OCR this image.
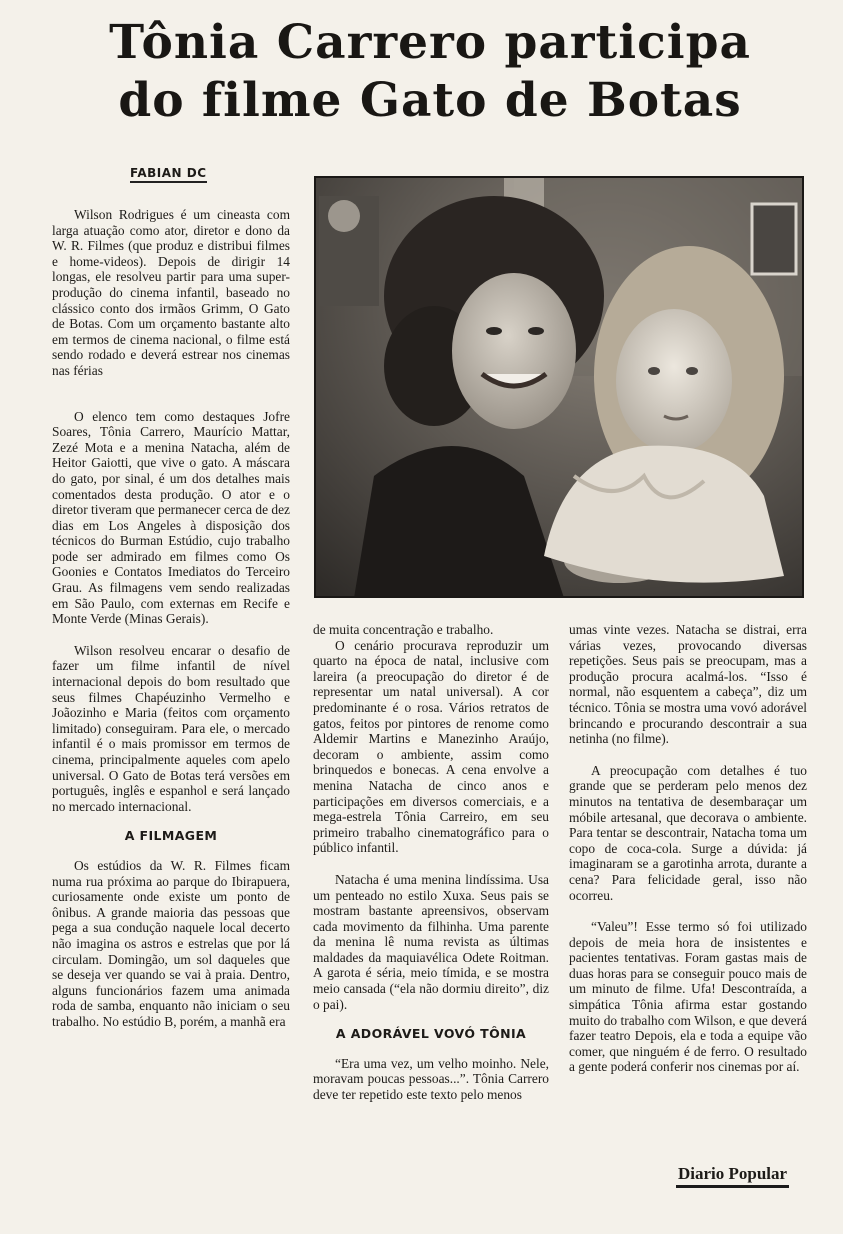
Tônia Carrero participa
do filme Gato de Botas
FABIAN DC

Wilson Rodrigues é um cineasta com larga atuação como ator, diretor e dono da W. R. Filmes (que produz e distribui filmes e home-videos). Depois de dirigir 14 longas, ele resolveu partir para uma super-produção do cinema infantil, baseado no clássico conto dos irmãos Grimm, O Gato de Botas. Com um orçamento bastante alto em termos de cinema nacional, o filme está sendo rodado e deverá estrear nos cinemas nas férias

O elenco tem como destaques Jofre Soares, Tônia Carrero, Maurício Mattar, Zezé Mota e a menina Natacha, além de Heitor Gaiotti, que vive o gato. A máscara do gato, por sinal, é um dos detalhes mais comentados desta produção. O ator e o diretor tiveram que permanecer cerca de dez dias em Los Angeles à disposição dos técnicos do Burman Estúdio, cujo trabalho pode ser admirado em filmes como Os Goonies e Contatos Imediatos do Terceiro Grau. As filmagens vem sendo realizadas em São Paulo, com externas em Recife e Monte Verde (Minas Gerais).

Wilson resolveu encarar o desafio de fazer um filme infantil de nível internacional depois do bom resultado que seus filmes Chapéuzinho Vermelho e Joãozinho e Maria (feitos com orçamento limitado) conseguiram. Para ele, o mercado infantil é o mais promissor em termos de cinema, principalmente aqueles com apelo universal. O Gato de Botas terá versões em português, inglês e espanhol e será lançado no mercado internacional.

A FILMAGEM

Os estúdios da W. R. Filmes ficam numa rua próxima ao parque do Ibirapuera, curiosamente onde existe um ponto de ônibus. A grande maioria das pessoas que pega a sua condução naquele local decerto não imagina os astros e estrelas que por lá circulam. Domingão, um sol daqueles que se deseja ver quando se vai à praia. Dentro, alguns funcionários fazem uma animada roda de samba, enquanto não iniciam o seu trabalho. No estúdio B, porém, a manhã era

de muita concentração e trabalho.

O cenário procurava reproduzir um quarto na época de natal, inclusive com lareira (a preocupação do diretor é de representar um natal universal). A cor predominante é o rosa. Vários retratos de gatos, feitos por pintores de renome como Aldemir Martins e Manezinho Araújo, decoram o ambiente, assim como brinquedos e bonecas. A cena envolve a menina Natacha de cinco anos e participações em diversos comerciais, e a mega-estrela Tônia Carreiro, em seu primeiro trabalho cinematográfico para o público infantil.

Natacha é uma menina lindíssima. Usa um penteado no estilo Xuxa. Seus pais se mostram bastante apreensivos, observam cada movimento da filhinha. Uma parente da menina lê numa revista as últimas maldades da maquiavélica Odete Roitman. A garota é séria, meio tímida, e se mostra meio cansada (“ela não dormiu direito”, diz o pai).

A ADORÁVEL VOVÓ TÔNIA

“Era uma vez, um velho moinho. Nele, moravam poucas pessoas...”. Tônia Carrero deve ter repetido este texto pelo menos

umas vinte vezes. Natacha se distrai, erra várias vezes, provocando diversas repetições. Seus pais se preocupam, mas a produção procura acalmá-los. “Isso é normal, não esquentem a cabeça”, diz um técnico. Tônia se mostra uma vovó adorável brincando e procurando descontrair a sua netinha (no filme).

A preocupação com detalhes é tuo grande que se perderam pelo menos dez minutos na tentativa de desembaraçar um móbile artesanal, que decorava o ambiente. Para tentar se descontrair, Natacha toma um copo de coca-cola. Surge a dúvida: já imaginaram se a garotinha arrota, durante a cena? Para felicidade geral, isso não ocorreu.

“Valeu”! Esse termo só foi utilizado depois de meia hora de insistentes e pacientes tentativas. Foram gastas mais de duas horas para se conseguir pouco mais de um minuto de filme. Ufa! Descontraída, a simpática Tônia afirma estar gostando muito do trabalho com Wilson, e que deverá fazer teatro Depois, ela e toda a equipe vão comer, que ninguém é de ferro. O resultado a gente poderá conferir nos cinemas por aí.

Diario Popular
